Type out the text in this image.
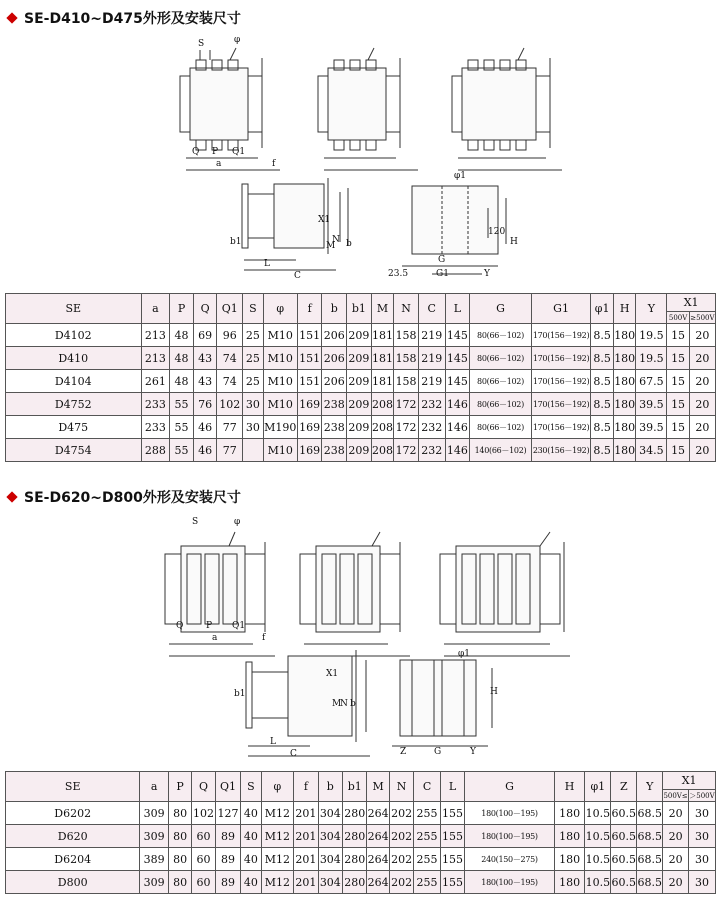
SE-D410~D475外形及安装尺寸
S	φ
Q P Q1
a	f
b1
X1
M
N b
L
C
φ1
H
120
G
G1	Y
23.5
SE	a	P	Q	Q1	S	φ	f	b	b1	M	N	C	L	G	G1	φ1	H	Y	X1	
																			500V	≥500V
D4102	213	48	69	96	25	M10	151	206	209	181	158	219	145	80(66－102)	170(156－192)	8.5	180	19.5	15	20
D410	213	48	43	74	25	M10	151	206	209	181	158	219	145	80(66－102)	170(156－192)	8.5	180	19.5	15	20
D4104	261	48	43	74	25	M10	151	206	209	181	158	219	145	80(66－102)	170(156－192)	8.5	180	67.5	15	20
D4752	233	55	76	102	30	M10	169	238	209	208	172	232	146	80(66－102)	170(156－192)	8.5	180	39.5	15	20
D475	233	55	46	77	30	M190	169	238	209	208	172	232	146	80(66－102)	170(156－192)	8.5	180	39.5	15	20
D4754	288	55	46	77		M10	169	238	209	208	172	232	146	140(66－102)	230(156－192)	8.5	180	34.5	15	20
SE-D620~D800外形及安装尺寸
S	φ
Q	P Q1
a	f
b1
X1
M
N b
L
C
φ1
H
Z	G	Y
SE	a	P	Q	Q1	S	φ	f	b	b1	M	N	C	L	G	H	φ1	Z	Y	X1	
																			500V≤	＞500V
D6202	309	80	102	127	40	M12	201	304	280	264	202	255	155	180(100－195)	180	10.5	60.5	68.5	20	30
D620	309	80	60	89	40	M12	201	304	280	264	202	255	155	180(100－195)	180	10.5	60.5	68.5	20	30
D6204	389	80	60	89	40	M12	201	304	280	264	202	255	155	240(150－275)	180	10.5	60.5	68.5	20	30
D800	309	80	60	89	40	M12	201	304	280	264	202	255	155	180(100－195)	180	10.5	60.5	68.5	20	30
